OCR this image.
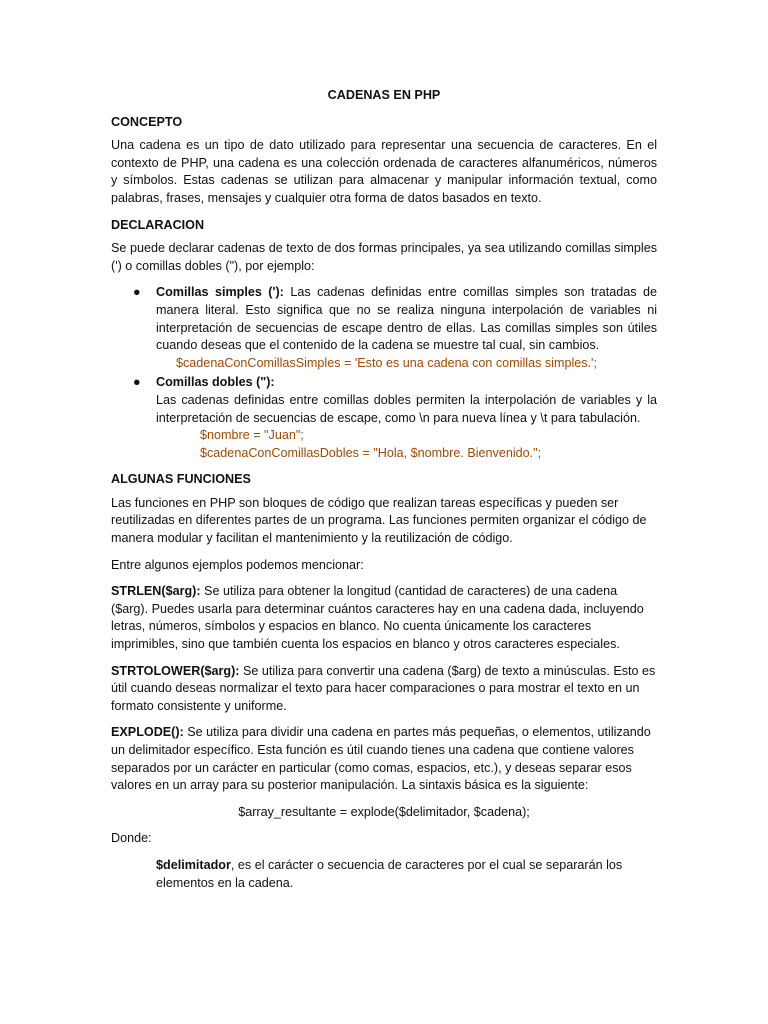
CADENAS EN PHP
CONCEPTO

Una cadena es un tipo de dato utilizado para representar una secuencia de caracteres. En el contexto de PHP, una cadena es una colección ordenada de caracteres alfanuméricos, números y símbolos. Estas cadenas se utilizan para almacenar y manipular información textual, como palabras, frases, mensajes y cualquier otra forma de datos basados en texto.

DECLARACION

Se puede declarar cadenas de texto de dos formas principales, ya sea utilizando comillas simples (') o comillas dobles ("), por ejemplo:

● Comillas simples ('): Las cadenas definidas entre comillas simples son tratadas de manera literal. Esto significa que no se realiza ninguna interpolación de variables ni interpretación de secuencias de escape dentro de ellas. Las comillas simples son útiles cuando deseas que el contenido de la cadena se muestre tal cual, sin cambios.
$cadenaConComillasSimples = 'Esto es una cadena con comillas simples.';
● Comillas dobles ("):
Las cadenas definidas entre comillas dobles permiten la interpolación de variables y la interpretación de secuencias de escape, como \n para nueva línea y \t para tabulación.
$nombre = "Juan";
$cadenaConComillasDobles = "Hola, $nombre. Bienvenido.";
ALGUNAS FUNCIONES

Las funciones en PHP son bloques de código que realizan tareas específicas y pueden ser reutilizadas en diferentes partes de un programa. Las funciones permiten organizar el código de manera modular y facilitan el mantenimiento y la reutilización de código.

Entre algunos ejemplos podemos mencionar:

STRLEN($arg): Se utiliza para obtener la longitud (cantidad de caracteres) de una cadena ($arg). Puedes usarla para determinar cuántos caracteres hay en una cadena dada, incluyendo letras, números, símbolos y espacios en blanco. No cuenta únicamente los caracteres imprimibles, sino que también cuenta los espacios en blanco y otros caracteres especiales.

STRTOLOWER($arg): Se utiliza para convertir una cadena ($arg) de texto a minúsculas. Esto es útil cuando deseas normalizar el texto para hacer comparaciones o para mostrar el texto en un formato consistente y uniforme.

EXPLODE(): Se utiliza para dividir una cadena en partes más pequeñas, o elementos, utilizando un delimitador específico. Esta función es útil cuando tienes una cadena que contiene valores separados por un carácter en particular (como comas, espacios, etc.), y deseas separar esos valores en un array para su posterior manipulación. La sintaxis básica es la siguiente:

$array_resultante = explode($delimitador, $cadena);

Donde:

$delimitador, es el carácter o secuencia de caracteres por el cual se separarán los elementos en la cadena.
